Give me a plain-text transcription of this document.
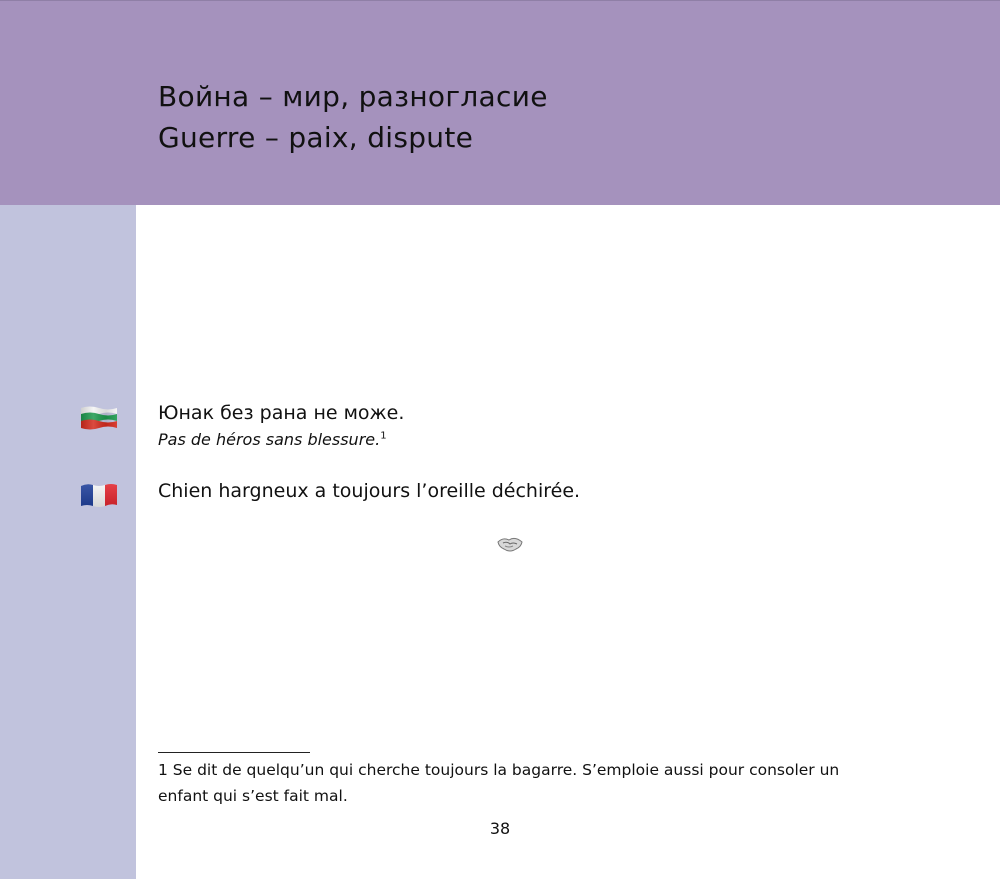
Война – мир, разногласие
Guerre – paix, dispute
Юнак без рана не може.
Pas de héros sans blessure.$^1$
Chien hargneux a toujours l’oreille déchirée.
1 Se dit de quelqu’un qui cherche toujours la bagarre. S’emploie aussi pour consoler un enfant qui s’est fait mal.
38
